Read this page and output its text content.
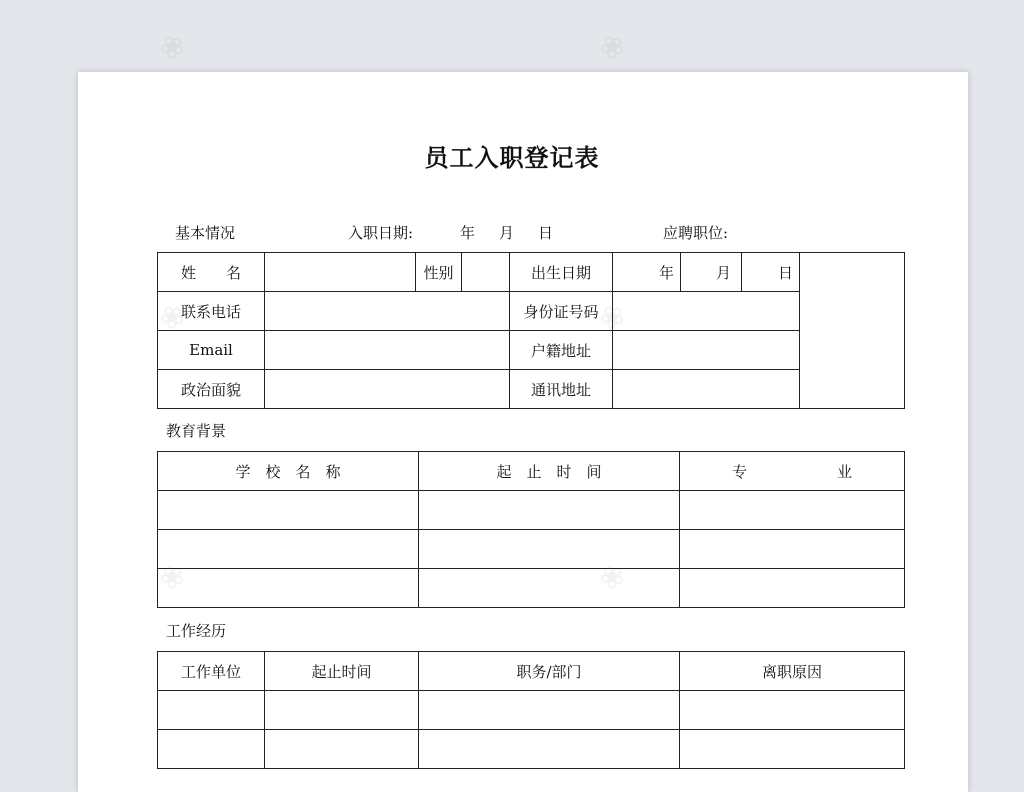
❀	❀
员工入职登记表
基本情况	入职日期:	年 月 日	应聘职位:
姓　　名		性别		出生日期	年	月	日	
联系电话				身份证号码				
Email				户籍地址				
政治面貌				通讯地址				
教育背景
学　校　名　称	起　止　时　间	专　　　　　　业

工作经历
工作单位	起止时间	职务/部门	离职原因
